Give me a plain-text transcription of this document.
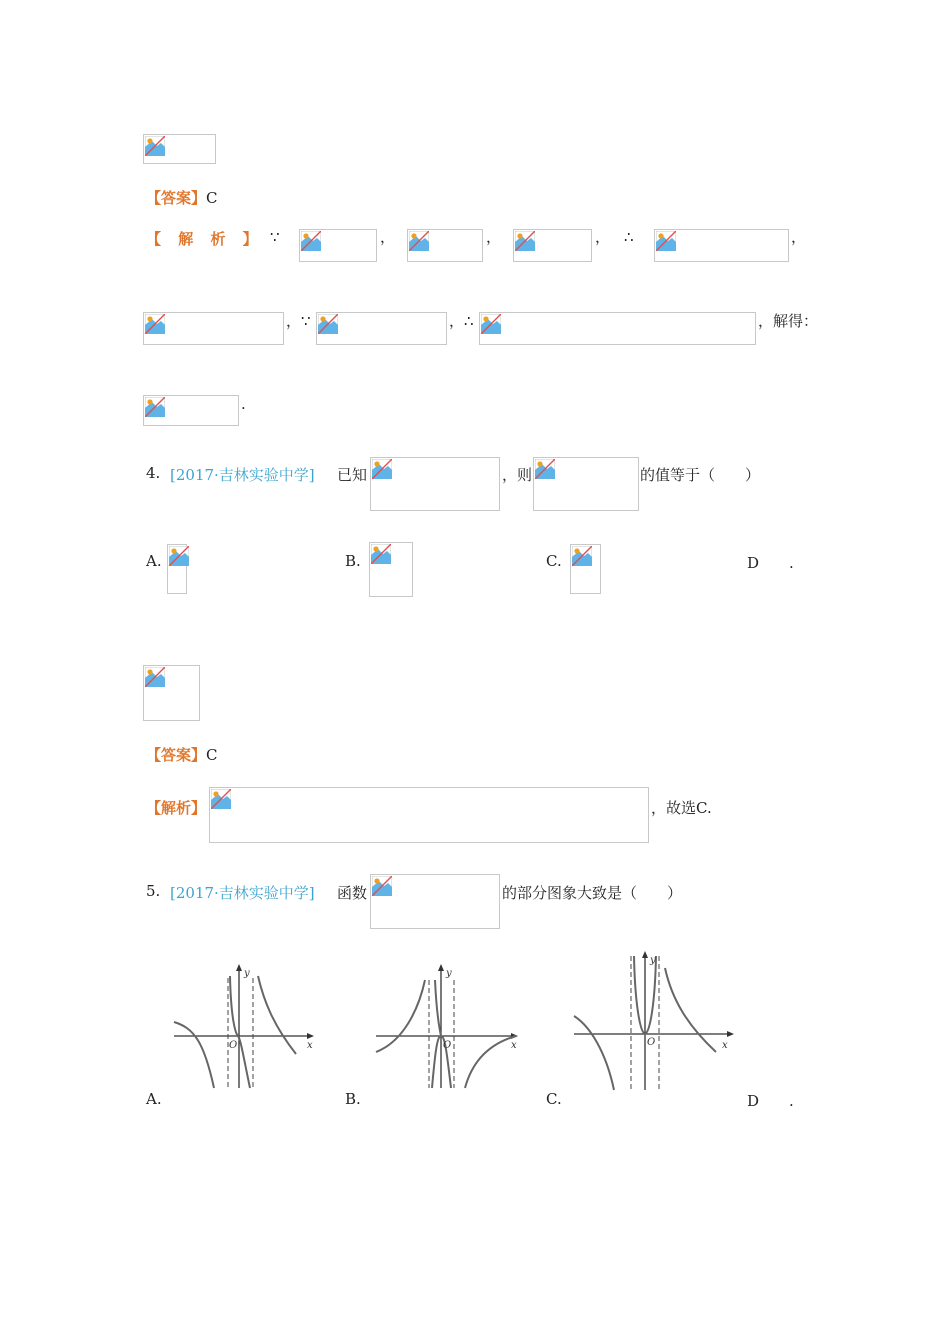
【答案】C
【 解 析 】 ∵	，	，	， ∴	，
， ∵	， ∴	，解得：
.
4. [2017·吉林实验中学] 已知	，则	的值等于（　　）
A.	B.	C.	D　　.
【答案】C
【解析】	，故选C.
5. [2017·吉林实验中学] 函数	的部分图象大致是（　　）
y
x
O
A.
y
x
O
B.
y
x
O
C.	D　　.
